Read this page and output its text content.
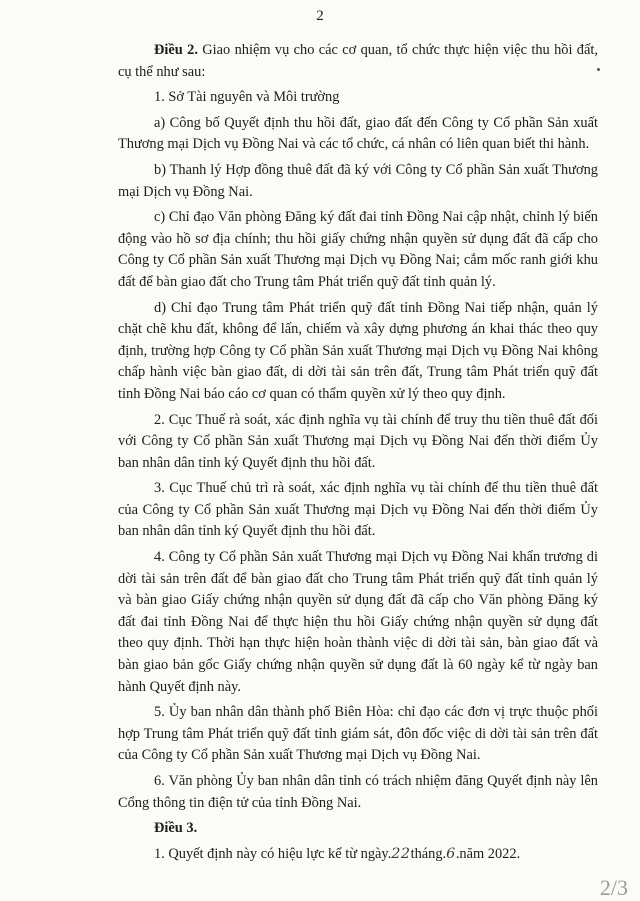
2

Điều 2. Giao nhiệm vụ cho các cơ quan, tổ chức thực hiện việc thu hồi đất, cụ thể như sau:

1. Sở Tài nguyên và Môi trường

a) Công bố Quyết định thu hồi đất, giao đất đến Công ty Cổ phần Sản xuất Thương mại Dịch vụ Đồng Nai và các tổ chức, cá nhân có liên quan biết thi hành.

b) Thanh lý Hợp đồng thuê đất đã ký với Công ty Cổ phần Sản xuất Thương mại Dịch vụ Đồng Nai.

c) Chỉ đạo Văn phòng Đăng ký đất đai tỉnh Đồng Nai cập nhật, chỉnh lý biến động vào hồ sơ địa chính; thu hồi giấy chứng nhận quyền sử dụng đất đã cấp cho Công ty Cổ phần Sản xuất Thương mại Dịch vụ Đồng Nai; cắm mốc ranh giới khu đất để bàn giao đất cho Trung tâm Phát triển quỹ đất tỉnh quản lý.

d) Chỉ đạo Trung tâm Phát triển quỹ đất tỉnh Đồng Nai tiếp nhận, quản lý chặt chẽ khu đất, không để lấn, chiếm và xây dựng phương án khai thác theo quy định, trường hợp Công ty Cổ phần Sản xuất Thương mại Dịch vụ Đồng Nai không chấp hành việc bàn giao đất, di dời tài sản trên đất, Trung tâm Phát triển quỹ đất tỉnh Đồng Nai báo cáo cơ quan có thẩm quyền xử lý theo quy định.

2. Cục Thuế rà soát, xác định nghĩa vụ tài chính để truy thu tiền thuê đất đối với Công ty Cổ phần Sản xuất Thương mại Dịch vụ Đồng Nai đến thời điểm Ủy ban nhân dân tỉnh ký Quyết định thu hồi đất.

3. Cục Thuế chủ trì rà soát, xác định nghĩa vụ tài chính để thu tiền thuê đất của Công ty Cổ phần Sản xuất Thương mại Dịch vụ Đồng Nai đến thời điểm Ủy ban nhân dân tỉnh ký Quyết định thu hồi đất.

4. Công ty Cổ phần Sản xuất Thương mại Dịch vụ Đồng Nai khẩn trương di dời tài sản trên đất để bàn giao đất cho Trung tâm Phát triển quỹ đất tỉnh quản lý và bàn giao Giấy chứng nhận quyền sử dụng đất đã cấp cho Văn phòng Đăng ký đất đai tỉnh Đồng Nai để thực hiện thu hồi Giấy chứng nhận quyền sử dụng đất theo quy định. Thời hạn thực hiện hoàn thành việc di dời tài sản, bàn giao đất và bàn giao bản gốc Giấy chứng nhận quyền sử dụng đất là 60 ngày kể từ ngày ban hành Quyết định này.

5. Ủy ban nhân dân thành phố Biên Hòa: chỉ đạo các đơn vị trực thuộc phối hợp Trung tâm Phát triển quỹ đất tỉnh giám sát, đôn đốc việc di dời tài sản trên đất của Công ty Cổ phần Sản xuất Thương mại Dịch vụ Đồng Nai.

6. Văn phòng Ủy ban nhân dân tỉnh có trách nhiệm đăng Quyết định này lên Cổng thông tin điện tử của tỉnh Đồng Nai.

Điều 3.

1. Quyết định này có hiệu lực kể từ ngày.22tháng.6.năm 2022.

2/3
